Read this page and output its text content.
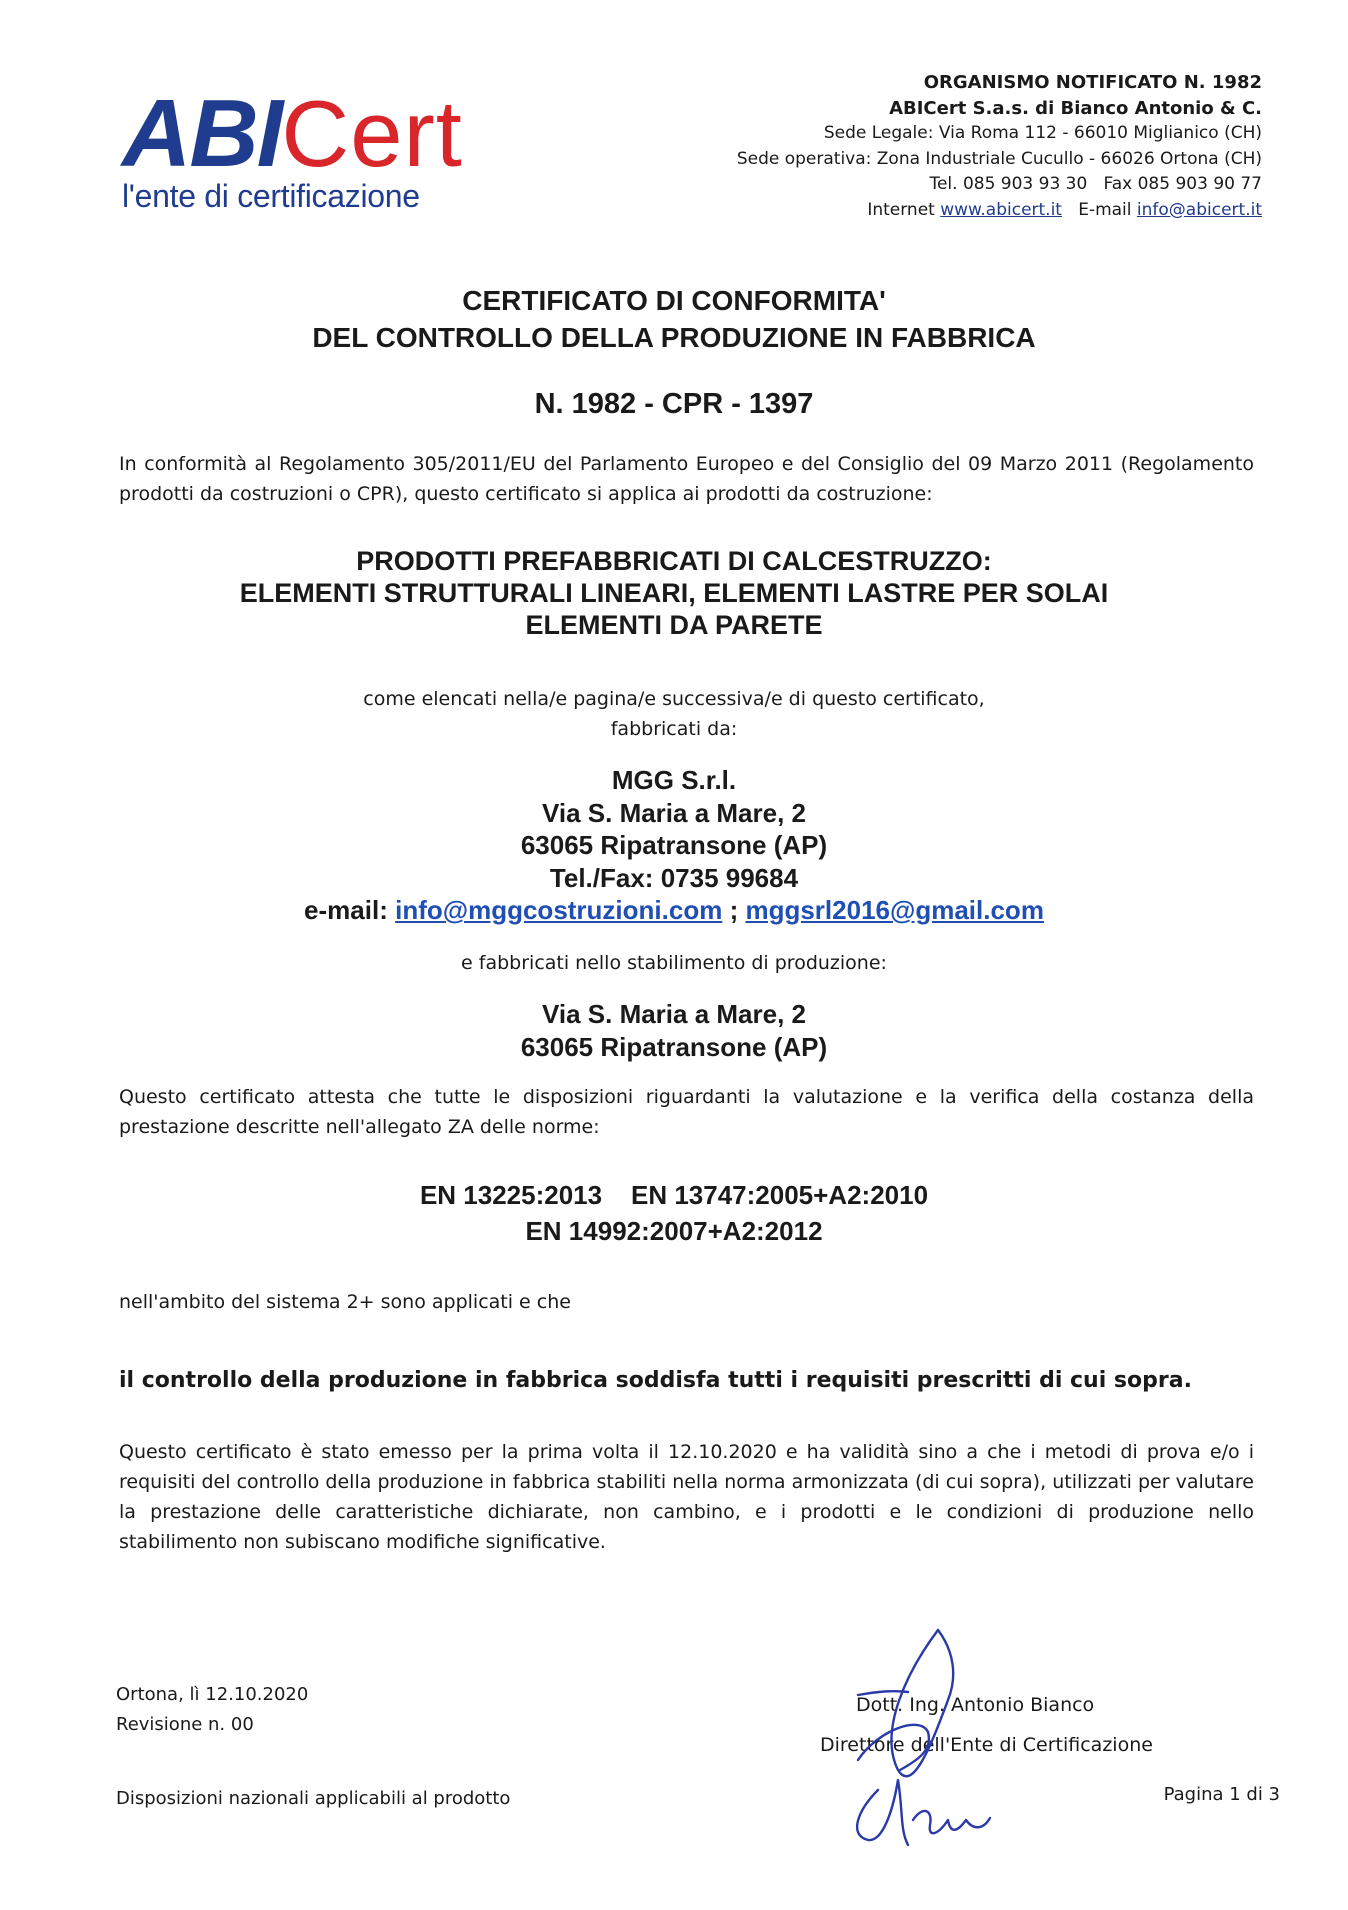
ABICert
l'ente di certificazione
ORGANISMO NOTIFICATO N. 1982
ABICert S.a.s. di Bianco Antonio & C.
Sede Legale: Via Roma 112 - 66010 Miglianico (CH)
Sede operativa: Zona Industriale Cucullo - 66026 Ortona (CH)
Tel. 085 903 93 30   Fax 085 903 90 77
Internet www.abicert.it E-mail info@abicert.it
CERTIFICATO DI CONFORMITA'
DEL CONTROLLO DELLA PRODUZIONE IN FABBRICA
N. 1982 - CPR - 1397
In conformità al Regolamento 305/2011/EU del Parlamento Europeo e del Consiglio del 09 Marzo 2011 (Regolamento prodotti da costruzioni o CPR), questo certificato si applica ai prodotti da costruzione:
PRODOTTI PREFABBRICATI DI CALCESTRUZZO:
ELEMENTI STRUTTURALI LINEARI, ELEMENTI LASTRE PER SOLAI
ELEMENTI DA PARETE
come elencati nella/e pagina/e successiva/e di questo certificato,
fabbricati da:
MGG S.r.l.
Via S. Maria a Mare, 2
63065 Ripatransone (AP)
Tel./Fax: 0735 99684
e-mail: info@mggcostruzioni.com ; mggsrl2016@gmail.com
e fabbricati nello stabilimento di produzione:
Via S. Maria a Mare, 2
63065 Ripatransone (AP)
Questo certificato attesta che tutte le disposizioni riguardanti la valutazione e la verifica della costanza della prestazione descritte nell'allegato ZA delle norme:
EN 13225:2013 EN 13747:2005+A2:2010
EN 14992:2007+A2:2012
nell'ambito del sistema 2+ sono applicati e che
il controllo della produzione in fabbrica soddisfa tutti i requisiti prescritti di cui sopra.
Questo certificato è stato emesso per la prima volta il 12.10.2020 e ha validità sino a che i metodi di prova e/o i requisiti del controllo della produzione in fabbrica stabiliti nella norma armonizzata (di cui sopra), utilizzati per valutare la prestazione delle caratteristiche dichiarate, non cambino, e i prodotti e le condizioni di produzione nello stabilimento non subiscano modifiche significative.
Ortona, lì 12.10.2020
Revisione n. 00
Disposizioni nazionali applicabili al prodotto
Dott. Ing. Antonio Bianco
Direttore dell'Ente di Certificazione
Pagina 1 di 3
